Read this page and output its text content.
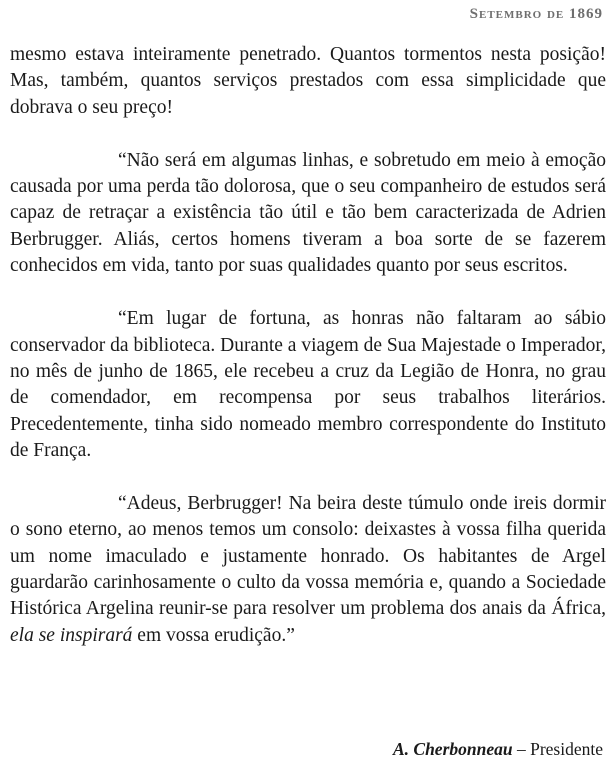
Setembro de 1869

mesmo estava inteiramente penetrado. Quantos tormentos nesta posição! Mas, também, quantos serviços prestados com essa simplicidade que dobrava o seu preço!

“Não será em algumas linhas, e sobretudo em meio à emoção causada por uma perda tão dolorosa, que o seu companheiro de estudos será capaz de retraçar a existência tão útil e tão bem caracterizada de Adrien Berbrugger. Aliás, certos homens tiveram a boa sorte de se fazerem conhecidos em vida, tanto por suas qualidades quanto por seus escritos.

“Em lugar de fortuna, as honras não faltaram ao sábio conservador da biblioteca. Durante a viagem de Sua Majestade o Imperador, no mês de junho de 1865, ele recebeu a cruz da Legião de Honra, no grau de comendador, em recompensa por seus trabalhos literários. Precedentemente, tinha sido nomeado membro correspondente do Instituto de França.

“Adeus, Berbrugger! Na beira deste túmulo onde ireis dormir o sono eterno, ao menos temos um consolo: deixastes à vossa filha querida um nome imaculado e justamente honrado. Os habitantes de Argel guardarão carinhosamente o culto da vossa memória e, quando a Sociedade Histórica Argelina reunir-se para resolver um problema dos anais da África, ela se inspirará em vossa erudição.”

A. Cherbonneau – Presidente
